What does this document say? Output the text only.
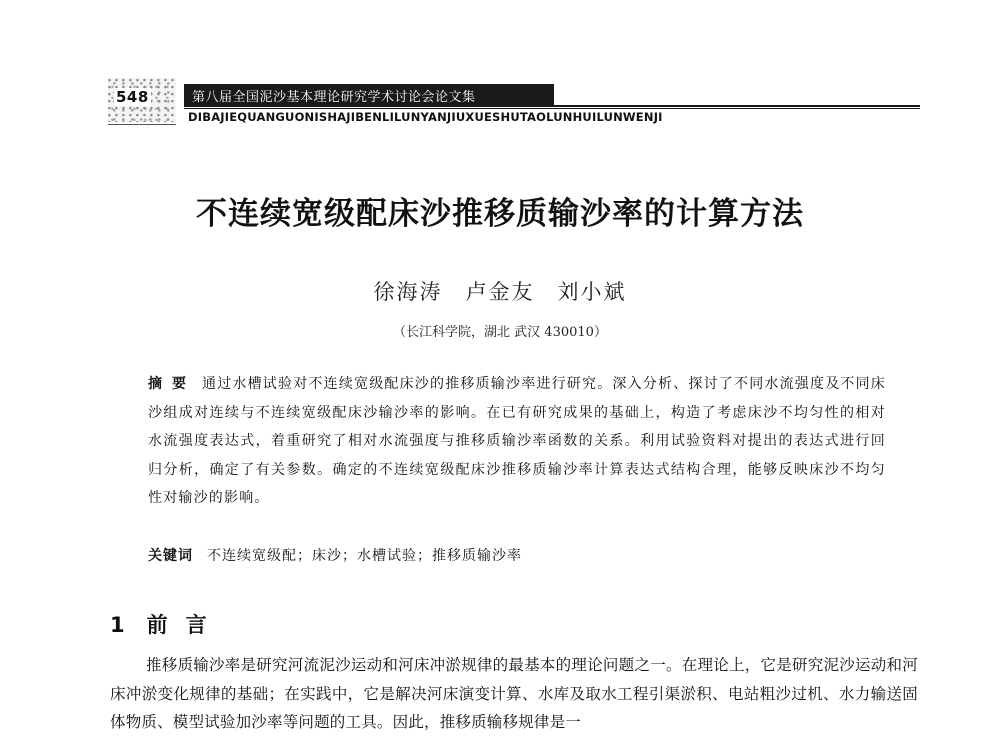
548	第八届全国泥沙基本理论研究学术讨论会论文集
DIBAJIEQUANGUONISHAJIBENLILUNYANJIUXUESHUTAOLUNHUILUNWENJI
不连续宽级配床沙推移质输沙率的计算方法
徐海涛　卢金友　刘小斌
（长江科学院，湖北 武汉 430010）
摘要 通过水槽试验对不连续宽级配床沙的推移质输沙率进行研究。深入分析、探讨了不同水流强度及不同床沙组成对连续与不连续宽级配床沙输沙率的影响。在已有研究成果的基础上，构造了考虑床沙不均匀性的相对水流强度表达式，着重研究了相对水流强度与推移质输沙率函数的关系。利用试验资料对提出的表达式进行回归分析，确定了有关参数。确定的不连续宽级配床沙推移质输沙率计算表达式结构合理，能够反映床沙不均匀性对输沙的影响。
关键词 不连续宽级配；床沙；水槽试验；推移质输沙率
1 前言
推移质输沙率是研究河流泥沙运动和河床冲淤规律的最基本的理论问题之一。在理论上，它是研究泥沙运动和河床冲淤变化规律的基础；在实践中，它是解决河床演变计算、水库及取水工程引渠淤积、电站粗沙过机、水力输送固体物质、模型试验加沙率等问题的工具。因此，推移质输移规律是一
